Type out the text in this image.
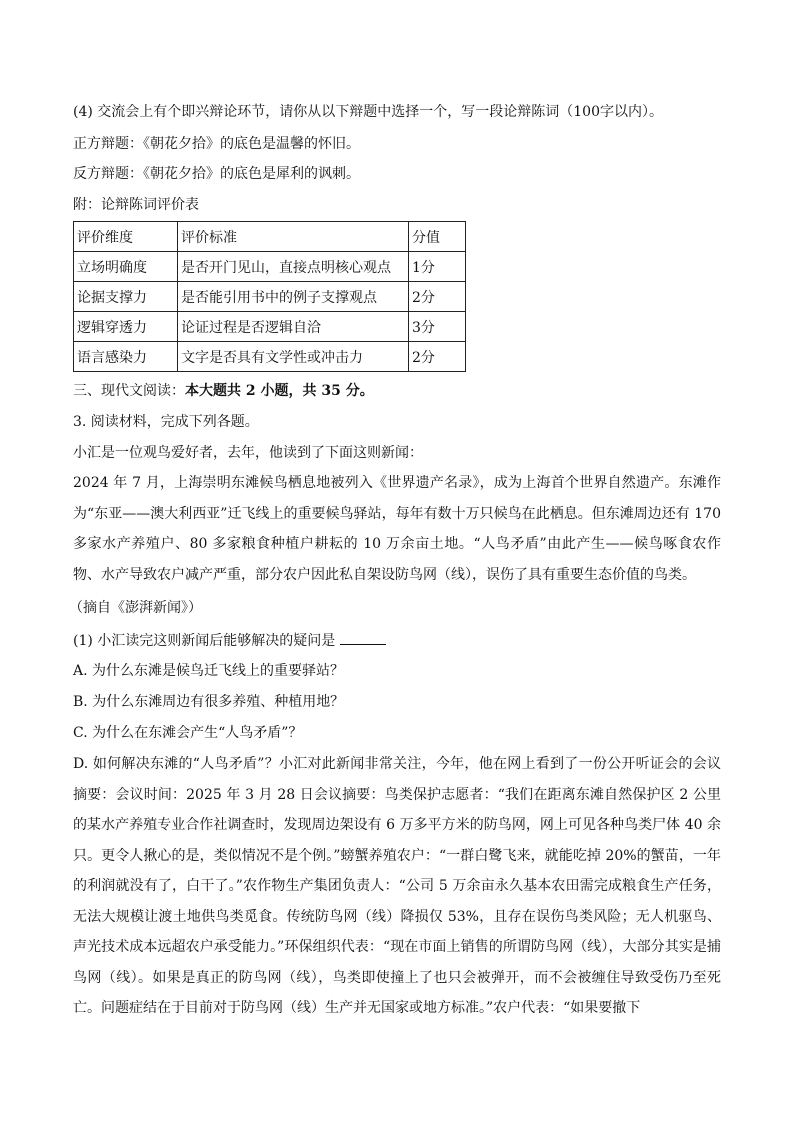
(4) 交流会上有个即兴辩论环节，请你从以下辩题中选择一个，写一段论辩陈词（100字以内）。
正方辩题：《朝花夕拾》的底色是温馨的怀旧。
反方辩题：《朝花夕拾》的底色是犀利的讽刺。
附：论辩陈词评价表
评价维度	评价标准	分值
立场明确度	是否开门见山，直接点明核心观点	1分
论据支撑力	是否能引用书中的例子支撑观点	2分
逻辑穿透力	论证过程是否逻辑自洽	3分
语言感染力	文字是否具有文学性或冲击力	2分
三、现代文阅读：本大题共 2 小题，共 35 分。
3. 阅读材料，完成下列各题。
小汇是一位观鸟爱好者，去年，他读到了下面这则新闻：
2024 年 7 月，上海崇明东滩候鸟栖息地被列入《世界遗产名录》，成为上海首个世界自然遗产。东滩作为“东亚——澳大利西亚”迁飞线上的重要候鸟驿站，每年有数十万只候鸟在此栖息。但东滩周边还有 170 多家水产养殖户、80 多家粮食种植户耕耘的 10 万余亩土地。“人鸟矛盾”由此产生——候鸟啄食农作物、水产导致农户减产严重，部分农户因此私自架设防鸟网（线），误伤了具有重要生态价值的鸟类。
（摘自《澎湃新闻》）
(1) 小汇读完这则新闻后能够解决的疑问是
A. 为什么东滩是候鸟迁飞线上的重要驿站？
B. 为什么东滩周边有很多养殖、种植用地？
C. 为什么在东滩会产生“人鸟矛盾”？
D. 如何解决东滩的“人鸟矛盾”？小汇对此新闻非常关注，今年，他在网上看到了一份公开听证会的会议摘要：会议时间：2025 年 3 月 28 日会议摘要：鸟类保护志愿者：“我们在距离东滩自然保护区 2 公里的某水产养殖专业合作社调查时，发现周边架设有 6 万多平方米的防鸟网，网上可见各种鸟类尸体 40 余只。更令人揪心的是，类似情况不是个例。”螃蟹养殖农户：“一群白鹭飞来，就能吃掉 20%的蟹苗，一年的利润就没有了，白干了。”农作物生产集团负责人：“公司 5 万余亩永久基本农田需完成粮食生产任务，无法大规模让渡土地供鸟类觅食。传统防鸟网（线）降损仅 53%，且存在误伤鸟类风险；无人机驱鸟、声光技术成本远超农户承受能力。”环保组织代表：“现在市面上销售的所谓防鸟网（线），大部分其实是捕鸟网（线）。如果是真正的防鸟网（线），鸟类即使撞上了也只会被弹开，而不会被缠住导致受伤乃至死亡。问题症结在于目前对于防鸟网（线）生产并无国家或地方标准。”农户代表：“如果要撤下
